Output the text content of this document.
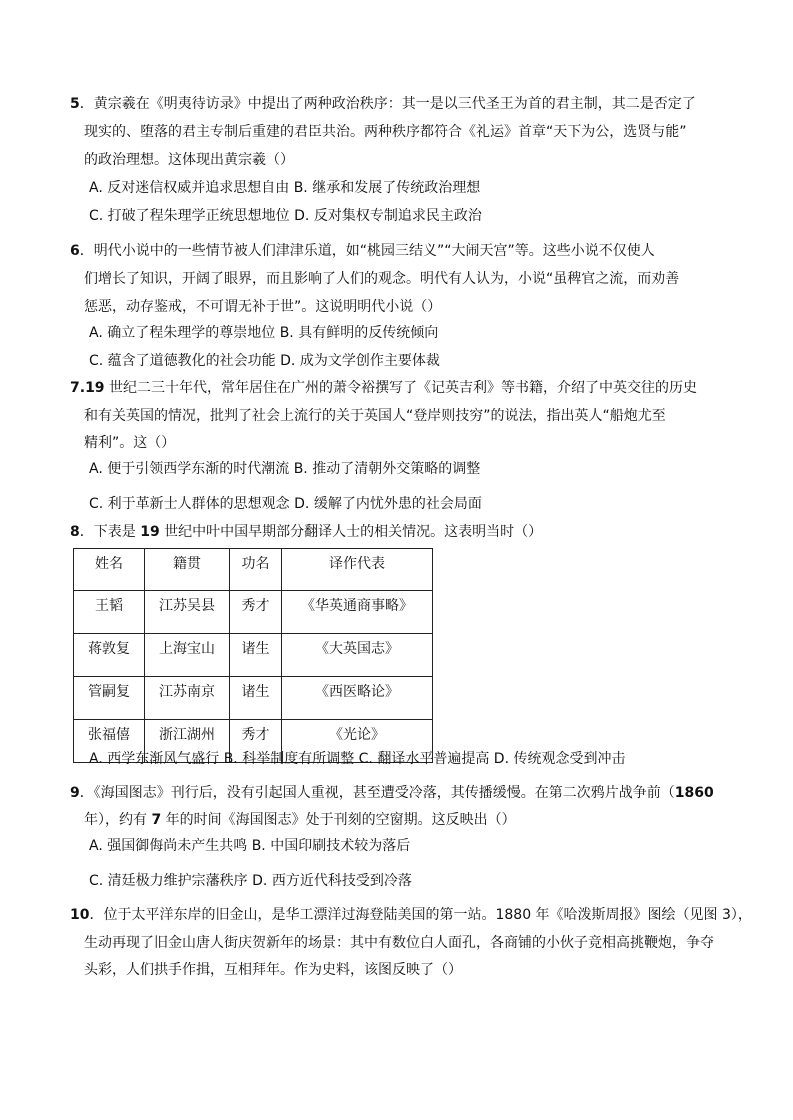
5．黄宗羲在《明夷待访录》中提出了两种政治秩序：其一是以三代圣王为首的君主制，其二是否定了
现实的、堕落的君主专制后重建的君臣共治。两种秩序都符合《礼运》首章“天下为公，选贤与能”
的政治理想。这体现出黄宗羲（）
A. 反对迷信权威并追求思想自由 B. 继承和发展了传统政治理想
C. 打破了程朱理学正统思想地位 D. 反对集权专制追求民主政治
6．明代小说中的一些情节被人们津津乐道，如“桃园三结义”“大闹天宫”等。这些小说不仅使人
们增长了知识，开阔了眼界，而且影响了人们的观念。明代有人认为，小说“虽稗官之流，而劝善
惩恶，动存鉴戒，不可谓无补于世”。这说明明代小说（）
A. 确立了程朱理学的尊崇地位 B. 具有鲜明的反传统倾向
C. 蕴含了道德教化的社会功能 D. 成为文学创作主要体裁
7.19 世纪二三十年代，常年居住在广州的萧令裕撰写了《记英吉利》等书籍，介绍了中英交往的历史
和有关英国的情况，批判了社会上流行的关于英国人“登岸则技穷”的说法，指出英人“船炮尤至
精利”。这（）
A. 便于引领西学东渐的时代潮流 B. 推动了清朝外交策略的调整
C. 利于革新士人群体的思想观念 D. 缓解了内忧外患的社会局面
8．下表是 19 世纪中叶中国早期部分翻译人士的相关情况。这表明当时（）
姓名	籍贯	功名	译作代表
王韬	江苏吴县	秀才	《华英通商事略》
蒋敦复	上海宝山	诸生	《大英国志》
管嗣复	江苏南京	诸生	《西医略论》
张福僖	浙江湖州	秀才	《光论》
A. 西学东渐风气盛行 B. 科举制度有所调整 C. 翻译水平普遍提高 D. 传统观念受到冲击
9．《海国图志》刊行后，没有引起国人重视，甚至遭受冷落，其传播缓慢。在第二次鸦片战争前（1860
年），约有 7 年的时间《海国图志》处于刊刻的空窗期。这反映出（）
A. 强国御侮尚未产生共鸣 B. 中国印刷技术较为落后
C. 清廷极力维护宗藩秩序 D. 西方近代科技受到冷落
10．位于太平洋东岸的旧金山，是华工漂洋过海登陆美国的第一站。1880 年《哈泼斯周报》图绘（见图 3），
生动再现了旧金山唐人街庆贺新年的场景：其中有数位白人面孔，各商铺的小伙子竞相高挑鞭炮，争夺
头彩，人们拱手作揖，互相拜年。作为史料，该图反映了（）
